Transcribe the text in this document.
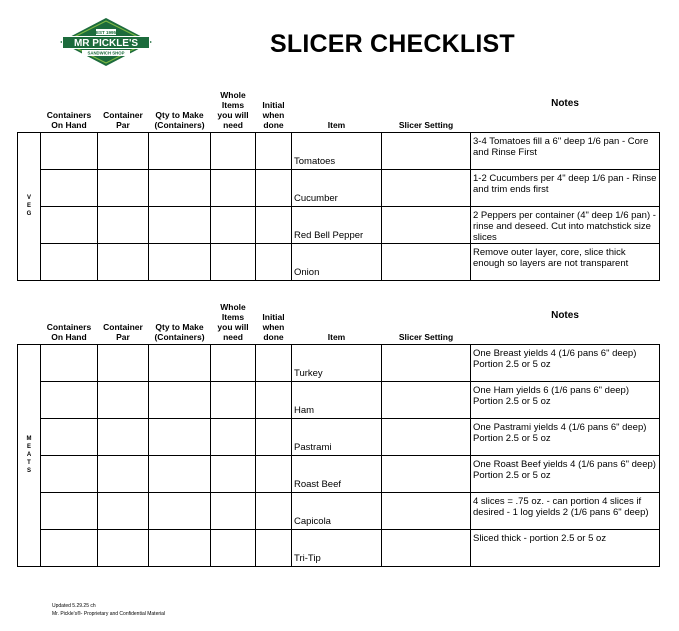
EST 1995
MR PICKLE'S
SANDWICH SHOP	SLICER CHECKLIST
	Containers
On Hand	Container
Par	Qty to Make
(Containers)	Whole
Items
you will
need	Initial
when
done	Item	Slicer Setting	Notes

V
E
G						Tomatoes		3-4 Tomatoes fill a 6" deep 1/6 pan - Core and Rinse First
						Cucumber		1-2 Cucumbers per 4" deep 1/6 pan - Rinse and trim ends first
						Red Bell Pepper		2 Peppers per container (4" deep 1/6 pan) - rinse and deseed. Cut into matchstick size slices
						Onion		Remove outer layer, core, slice thick enough so layers are not transparent
	Containers
On Hand	Container
Par	Qty to Make
(Containers)	Whole
Items
you will
need	Initial
when
done	Item	Slicer Setting	Notes

M
E
A
T
S						Turkey		One Breast yields 4 (1/6 pans 6" deep) Portion 2.5 or 5 oz
						Ham		One Ham yields 6 (1/6 pans 6" deep) Portion 2.5 or 5 oz
						Pastrami		One Pastrami yields 4 (1/6 pans 6" deep) Portion 2.5 or 5 oz
						Roast Beef		One Roast Beef yields 4 (1/6 pans 6" deep) Portion 2.5 or 5 oz
						Capicola		4 slices = .75 oz. - can portion 4 slices if desired - 1 log yields 2 (1/6 pans 6" deep)
						Tri-Tip		Sliced thick - portion 2.5 or 5 oz
Updated 5.29.25 ch
Mr. Pickle's®- Proprietary and Confidential Material
